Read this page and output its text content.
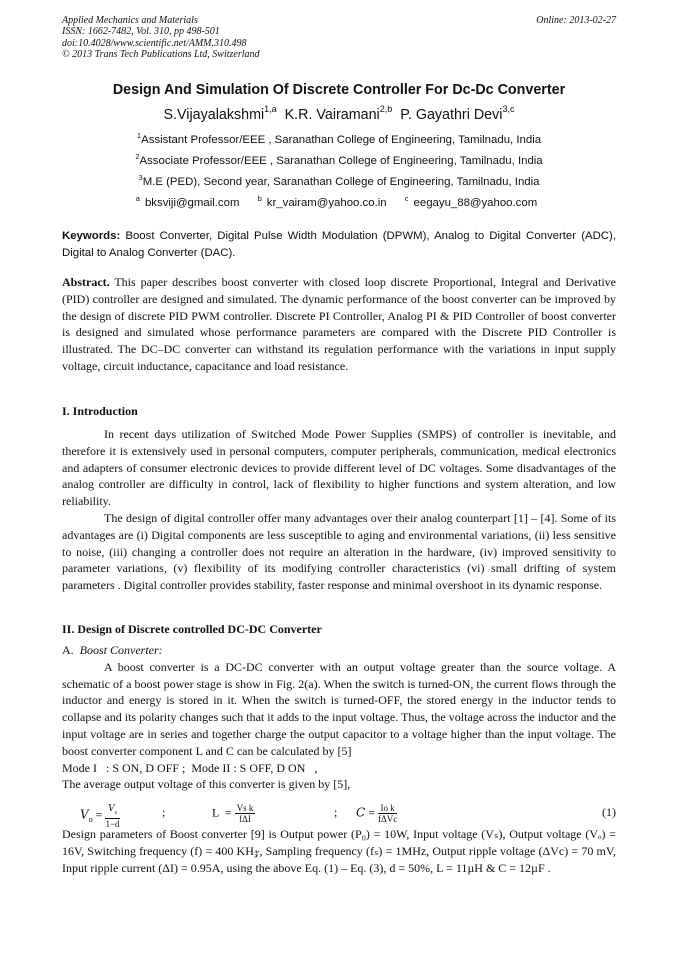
Applied Mechanics and Materials
ISSN: 1662-7482, Vol. 310, pp 498-501
doi:10.4028/www.scientific.net/AMM.310.498
© 2013 Trans Tech Publications Ltd, Switzerland
Online: 2013-02-27
Design And Simulation Of Discrete Controller For Dc-Dc Converter
S.Vijayalakshmi$^{1,a}$ K.R. Vairamani$^{2,b}$ P. Gayathri Devi$^{3,c}$
$^1$Assistant Professor/EEE , Saranathan College of Engineering, Tamilnadu, India
$^2$Associate Professor/EEE , Saranathan College of Engineering, Tamilnadu, India
$^3$M.E (PED), Second year, Saranathan College of Engineering, Tamilnadu, India
$^a$ bksviji@gmail.com $^b$ kr_vairam@yahoo.co.in $^c$ eegayu_88@yahoo.com
Keywords: Boost Converter, Digital Pulse Width Modulation (DPWM), Analog to Digital Converter (ADC), Digital to Analog Converter (DAC).
Abstract. This paper describes boost converter with closed loop discrete Proportional, Integral and Derivative (PID) controller are designed and simulated. The dynamic performance of the boost converter can be improved by the design of discrete PID PWM controller. Discrete PI Controller, Analog PI & PID Controller of boost converter is designed and simulated whose performance parameters are compared with the Discrete PID Controller is illustrated. The DC–DC converter can withstand its regulation performance with the variations in input supply voltage, circuit inductance, capacitance and load resistance.
I. Introduction

In recent days utilization of Switched Mode Power Supplies (SMPS) of controller is inevitable, and therefore it is extensively used in personal computers, computer peripherals, communication, medical electronics and adapters of consumer electronic devices to provide different level of DC voltages. Some disadvantages of the analog controller are difficulty in control, lack of flexibility to higher functions and system alteration, and low reliability.

The design of digital controller offer many advantages over their analog counterpart [1] – [4]. Some of its advantages are (i) Digital components are less susceptible to aging and environmental variations, (ii) less sensitive to noise, (iii) changing a controller does not require an alteration in the hardware, (iv) improved sensitivity to parameter variations, (v) flexibility of its modifying controller characteristics (vi) small drifting of system parameters . Digital controller provides stability, faster response and minimal overshoot in its dynamic response.

II. Design of Discrete controlled DC-DC Converter

A. Boost Converter:

A boost converter is a DC-DC converter with an output voltage greater than the source voltage. A schematic of a boost power stage is show in Fig. 2(a). When the switch is turned-ON, the current flows through the inductor and energy is stored in it. When the switch is turned-OFF, the stored energy in the inductor tends to collapse and its polarity changes such that it adds to the input voltage. Thus, the voltage across the inductor and the input voltage are in series and together charge the output capacitor to a voltage higher than the input voltage. The boost converter component L and C can be calculated by [5]

Mode I   : S ON, D OFF ;  Mode II : S OFF, D ON   ,

The average output voltage of this converter is given by [5],

$V_o = \frac{V_s}{1-d}$	;	$L = \frac{\text{Vs k}}{\text{fΔI}}$	; $C = \frac{\text{Io k}}{\text{fΔVc}}$	(1)
Design parameters of Boost converter [9] is Output power (P₀) = 10W, Input voltage (Vₛ), Output voltage (Vₒ) = 16V, Switching frequency (f) = 400 KH𝓏, Sampling frequency (fₛ) = 1MHz, Output ripple voltage (ΔVc) = 70 mV, Input ripple current (ΔI) = 0.95A, using the above Eq. (1) – Eq. (3), d = 50%, L = 11µH & C = 12µF .
